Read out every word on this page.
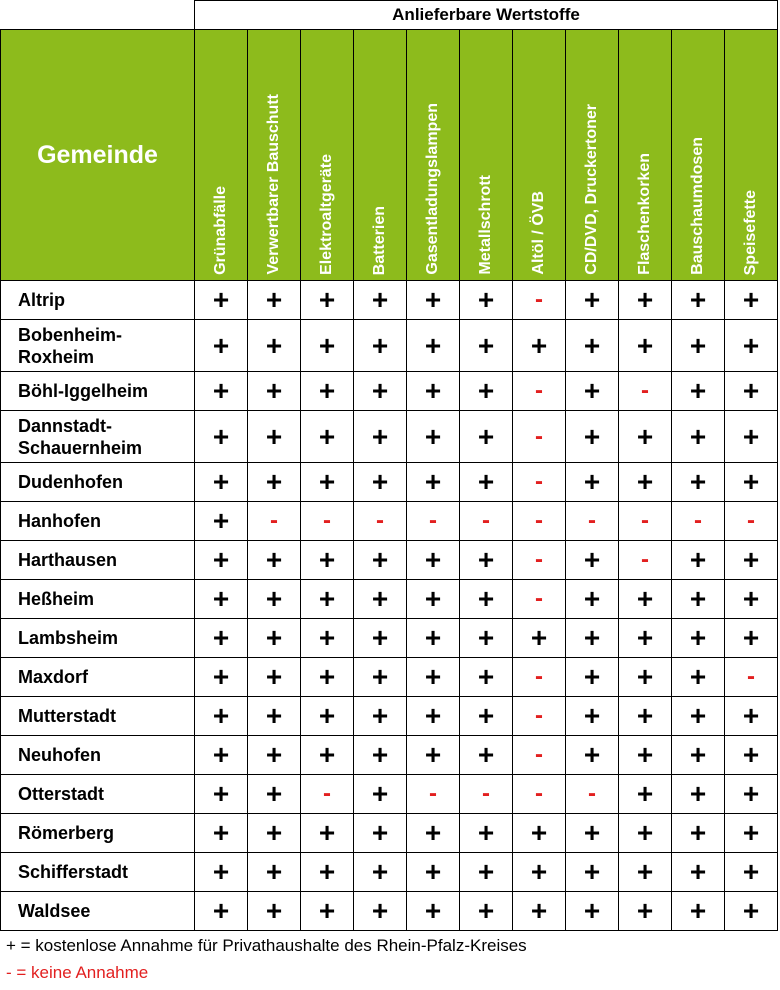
	Anlieferbare Wertstoffe										
Gemeinde	Grünabfälle	Verwertbarer Bauschutt	Elektroaltgeräte	Batterien	Gasentladungslampen	Metallschrott	Altöl / ÖVB	CD/DVD, Druckertoner	Flaschenkorken	Bauschaumdosen	Speisefette

Altrip	+	+	+	+	+	+	-	+	+	+	+

Bobenheim-
Roxheim	+	+	+	+	+	+	+	+	+	+	+

Böhl-Iggelheim	+	+	+	+	+	+	-	+	-	+	+

Dannstadt-
Schauernheim	+	+	+	+	+	+	-	+	+	+	+

Dudenhofen	+	+	+	+	+	+	-	+	+	+	+

Hanhofen	+	-	-	-	-	-	-	-	-	-	-

Harthausen	+	+	+	+	+	+	-	+	-	+	+

Heßheim	+	+	+	+	+	+	-	+	+	+	+

Lambsheim	+	+	+	+	+	+	+	+	+	+	+

Maxdorf	+	+	+	+	+	+	-	+	+	+	-

Mutterstadt	+	+	+	+	+	+	-	+	+	+	+

Neuhofen	+	+	+	+	+	+	-	+	+	+	+

Otterstadt	+	+	-	+	-	-	-	-	+	+	+

Römerberg	+	+	+	+	+	+	+	+	+	+	+

Schifferstadt	+	+	+	+	+	+	+	+	+	+	+

Waldsee	+	+	+	+	+	+	+	+	+	+	+
+ = kostenlose Annahme für Privathaushalte des Rhein-Pfalz-Kreises
- = keine Annahme
